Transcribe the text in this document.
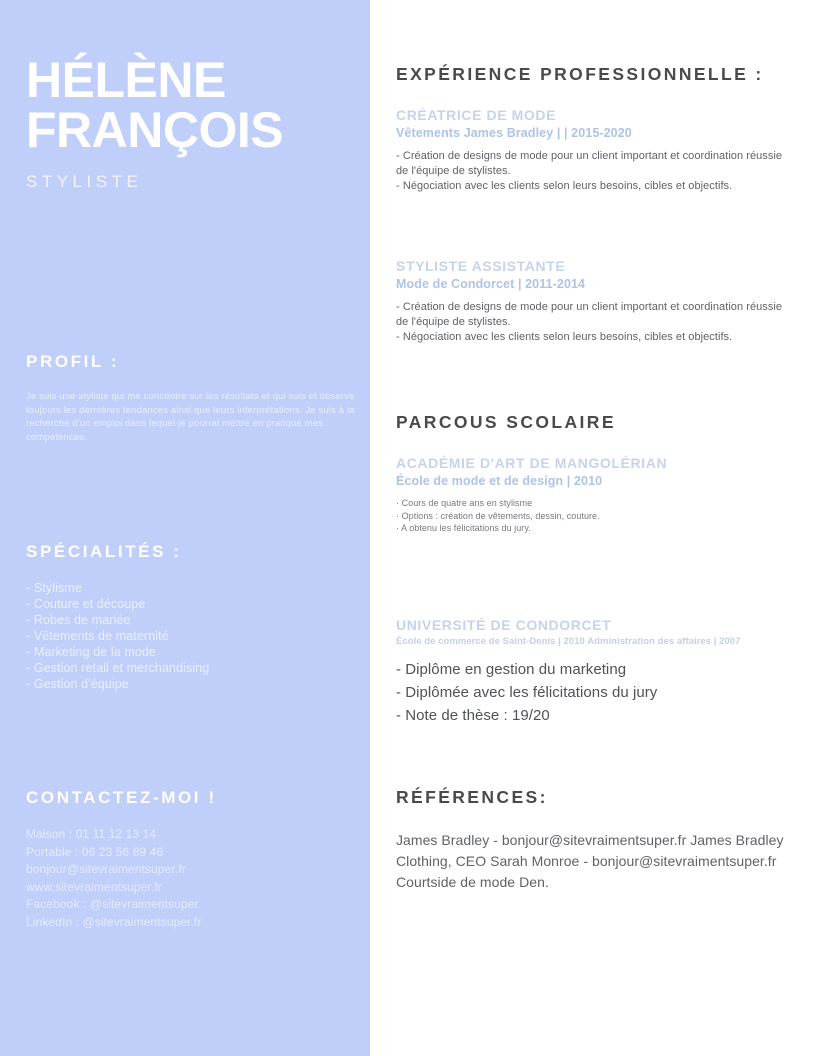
HÉLÈNE
FRANÇOIS
STYLISTE
PROFIL :
Je suis une styliste qui me concentre sur les résultats et qui suis et observe toujours les dernières tendances ainsi que leurs interprétations. Je suis à la recherche d'un emploi dans lequel je pourrai mettre en pratique mes compétences.
SPÉCIALITÉS :
- Stylisme
- Couture et découpe
- Robes de mariée
- Vêtements de maternité
- Marketing de la mode
- Gestion retail et merchandising
- Gestion d'équipe
CONTACTEZ-MOI !
Maison : 01 11 12 13 14
Portable : 06 23 56 89 46
bonjour@sitevraimentsuper.fr
www.sitevraimentsuper.fr
Facebook : @sitevraimentsuper
LinkedIn : @sitevraimentsuper.fr
EXPÉRIENCE PROFESSIONNELLE :
CRÉATRICE DE MODE
Vêtements James Bradley | | 2015-2020
- Création de designs de mode pour un client important et coordination réussie de l'équipe de stylistes.
- Négociation avec les clients selon leurs besoins, cibles et objectifs.
STYLISTE ASSISTANTE
Mode de Condorcet | 2011-2014
- Création de designs de mode pour un client important et coordination réussie de l'équipe de stylistes.
- Négociation avec les clients selon leurs besoins, cibles et objectifs.
PARCOUS SCOLAIRE
ACADÉMIE D'ART DE MANGOLÉRIAN
École de mode et de design | 2010
· Cours de quatre ans en stylisme
· Options : création de vêtements, dessin, couture.
· A obtenu les félicitations du jury.
UNIVERSITÉ DE CONDORCET
École de commerce de Saint-Denis | 2010 Administration des affaires | 2007
- Diplôme en gestion du marketing
- Diplômée avec les félicitations du jury
- Note de thèse : 19/20
RÉFÉRENCES:
James Bradley - bonjour@sitevraimentsuper.fr James Bradley Clothing, CEO Sarah Monroe - bonjour@sitevraimentsuper.fr Courtside de mode Den.
